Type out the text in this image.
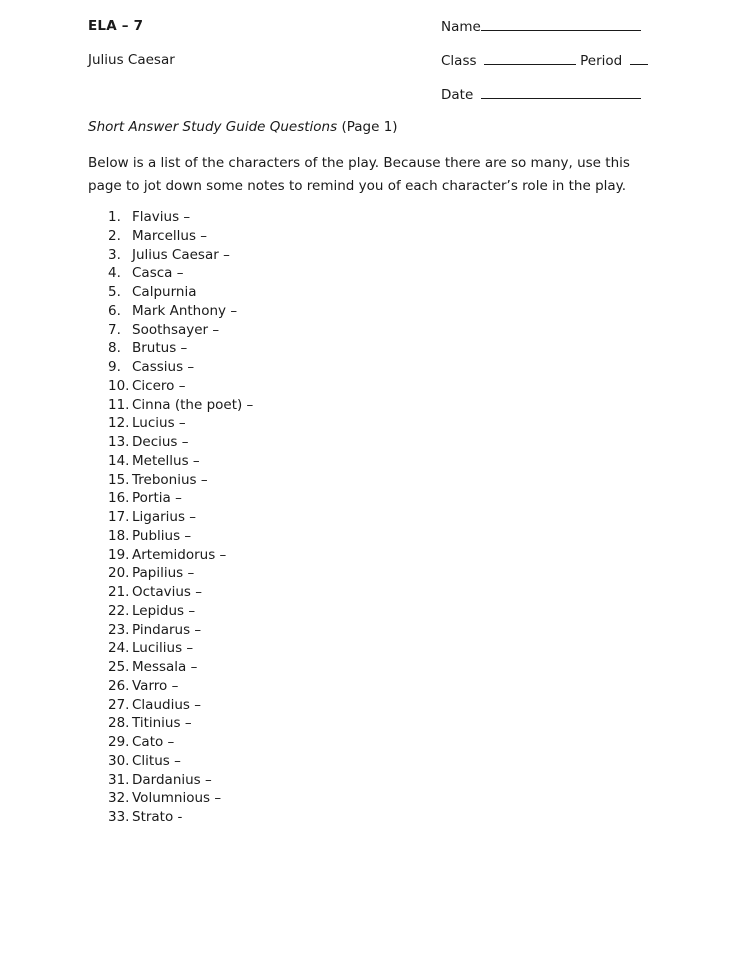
ELA – 7
Julius Caesar
Name
Class	Period
Date
Short Answer Study Guide Questions (Page 1)
Below is a list of the characters of the play. Because there are so many, use this page to jot down some notes to remind you of each character’s role in the play.
1. Flavius –
2. Marcellus –
3. Julius Caesar –
4. Casca –
5. Calpurnia
6. Mark Anthony –
7. Soothsayer –
8. Brutus –
9. Cassius –
10. Cicero –
11. Cinna (the poet) –
12. Lucius –
13. Decius –
14. Metellus –
15. Trebonius –
16. Portia –
17. Ligarius –
18. Publius –
19. Artemidorus –
20. Papilius –
21. Octavius –
22. Lepidus –
23. Pindarus –
24. Lucilius –
25. Messala –
26. Varro –
27. Claudius –
28. Titinius –
29. Cato –
30. Clitus –
31. Dardanius –
32. Volumnious –
33. Strato -
